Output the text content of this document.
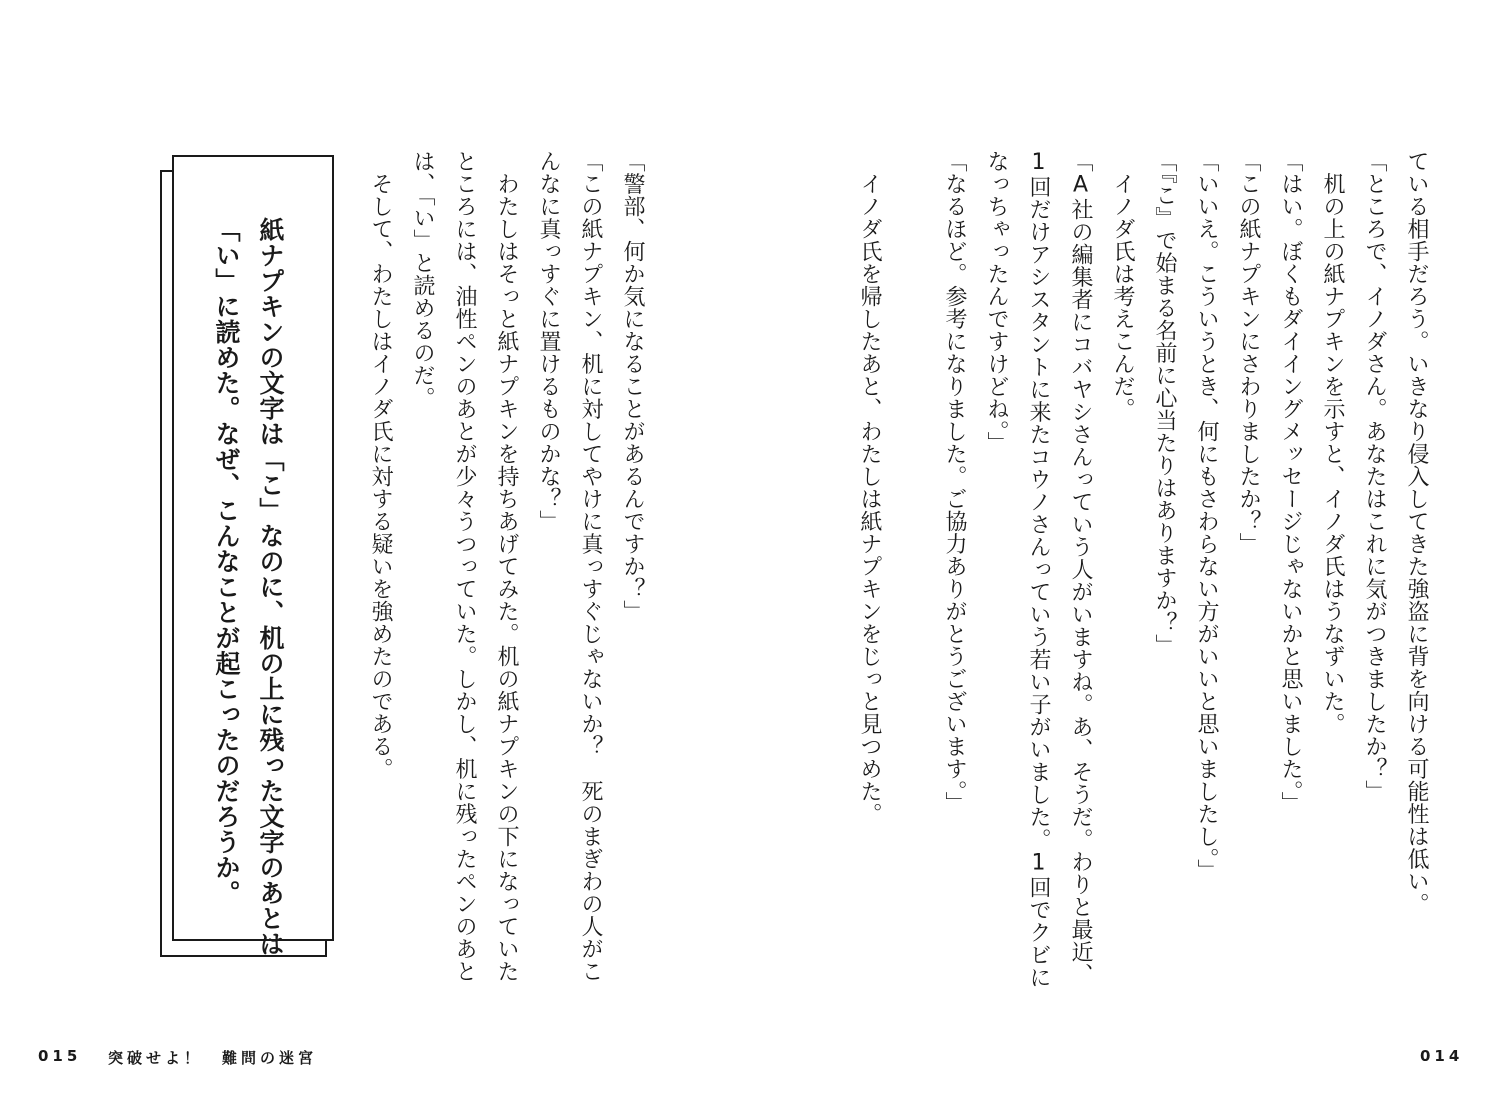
ている相手だろう。いきなり侵入してきた強盗に背を向ける可能性は低い。
「ところで、イノダさん。あなたはこれに気がつきましたか？」
　机の上の紙ナプキンを示すと、イノダ氏はうなずいた。
「はい。ぼくもダイイングメッセージじゃないかと思いました。」
「この紙ナプキンにさわりましたか？」
「いいえ。こういうとき、何にもさわらない方がいいと思いましたし。」
「『こ』で始まる名前に心当たりはありますか？」
　イノダ氏は考えこんだ。
「A社の編集者にコバヤシさんっていう人がいますね。あ、そうだ。わりと最近、
1回だけアシスタントに来たコウノさんっていう若い子がいました。1回でクビに
なっちゃったんですけどね。」
「なるほど。参考になりました。ご協力ありがとうございます。」
　イノダ氏を帰したあと、わたしは紙ナプキンをじっと見つめた。
「警部、何か気になることがあるんですか？」
「この紙ナプキン、机に対してやけに真っすぐじゃないか？　死のまぎわの人がこ
んなに真っすぐに置けるものかな？」
　わたしはそっと紙ナプキンを持ちあげてみた。机の紙ナプキンの下になっていた
ところには、油性ペンのあとが少々うつっていた。しかし、机に残ったペンのあと
は、「い」と読めるのだ。
　そして、わたしはイノダ氏に対する疑いを強めたのである。
紙ナプキンの文字は「こ」なのに、机の上に残った文字のあとは
「い」に読めた。なぜ、こんなことが起こったのだろうか。
015 突破せよ！　難問の迷宮	014
